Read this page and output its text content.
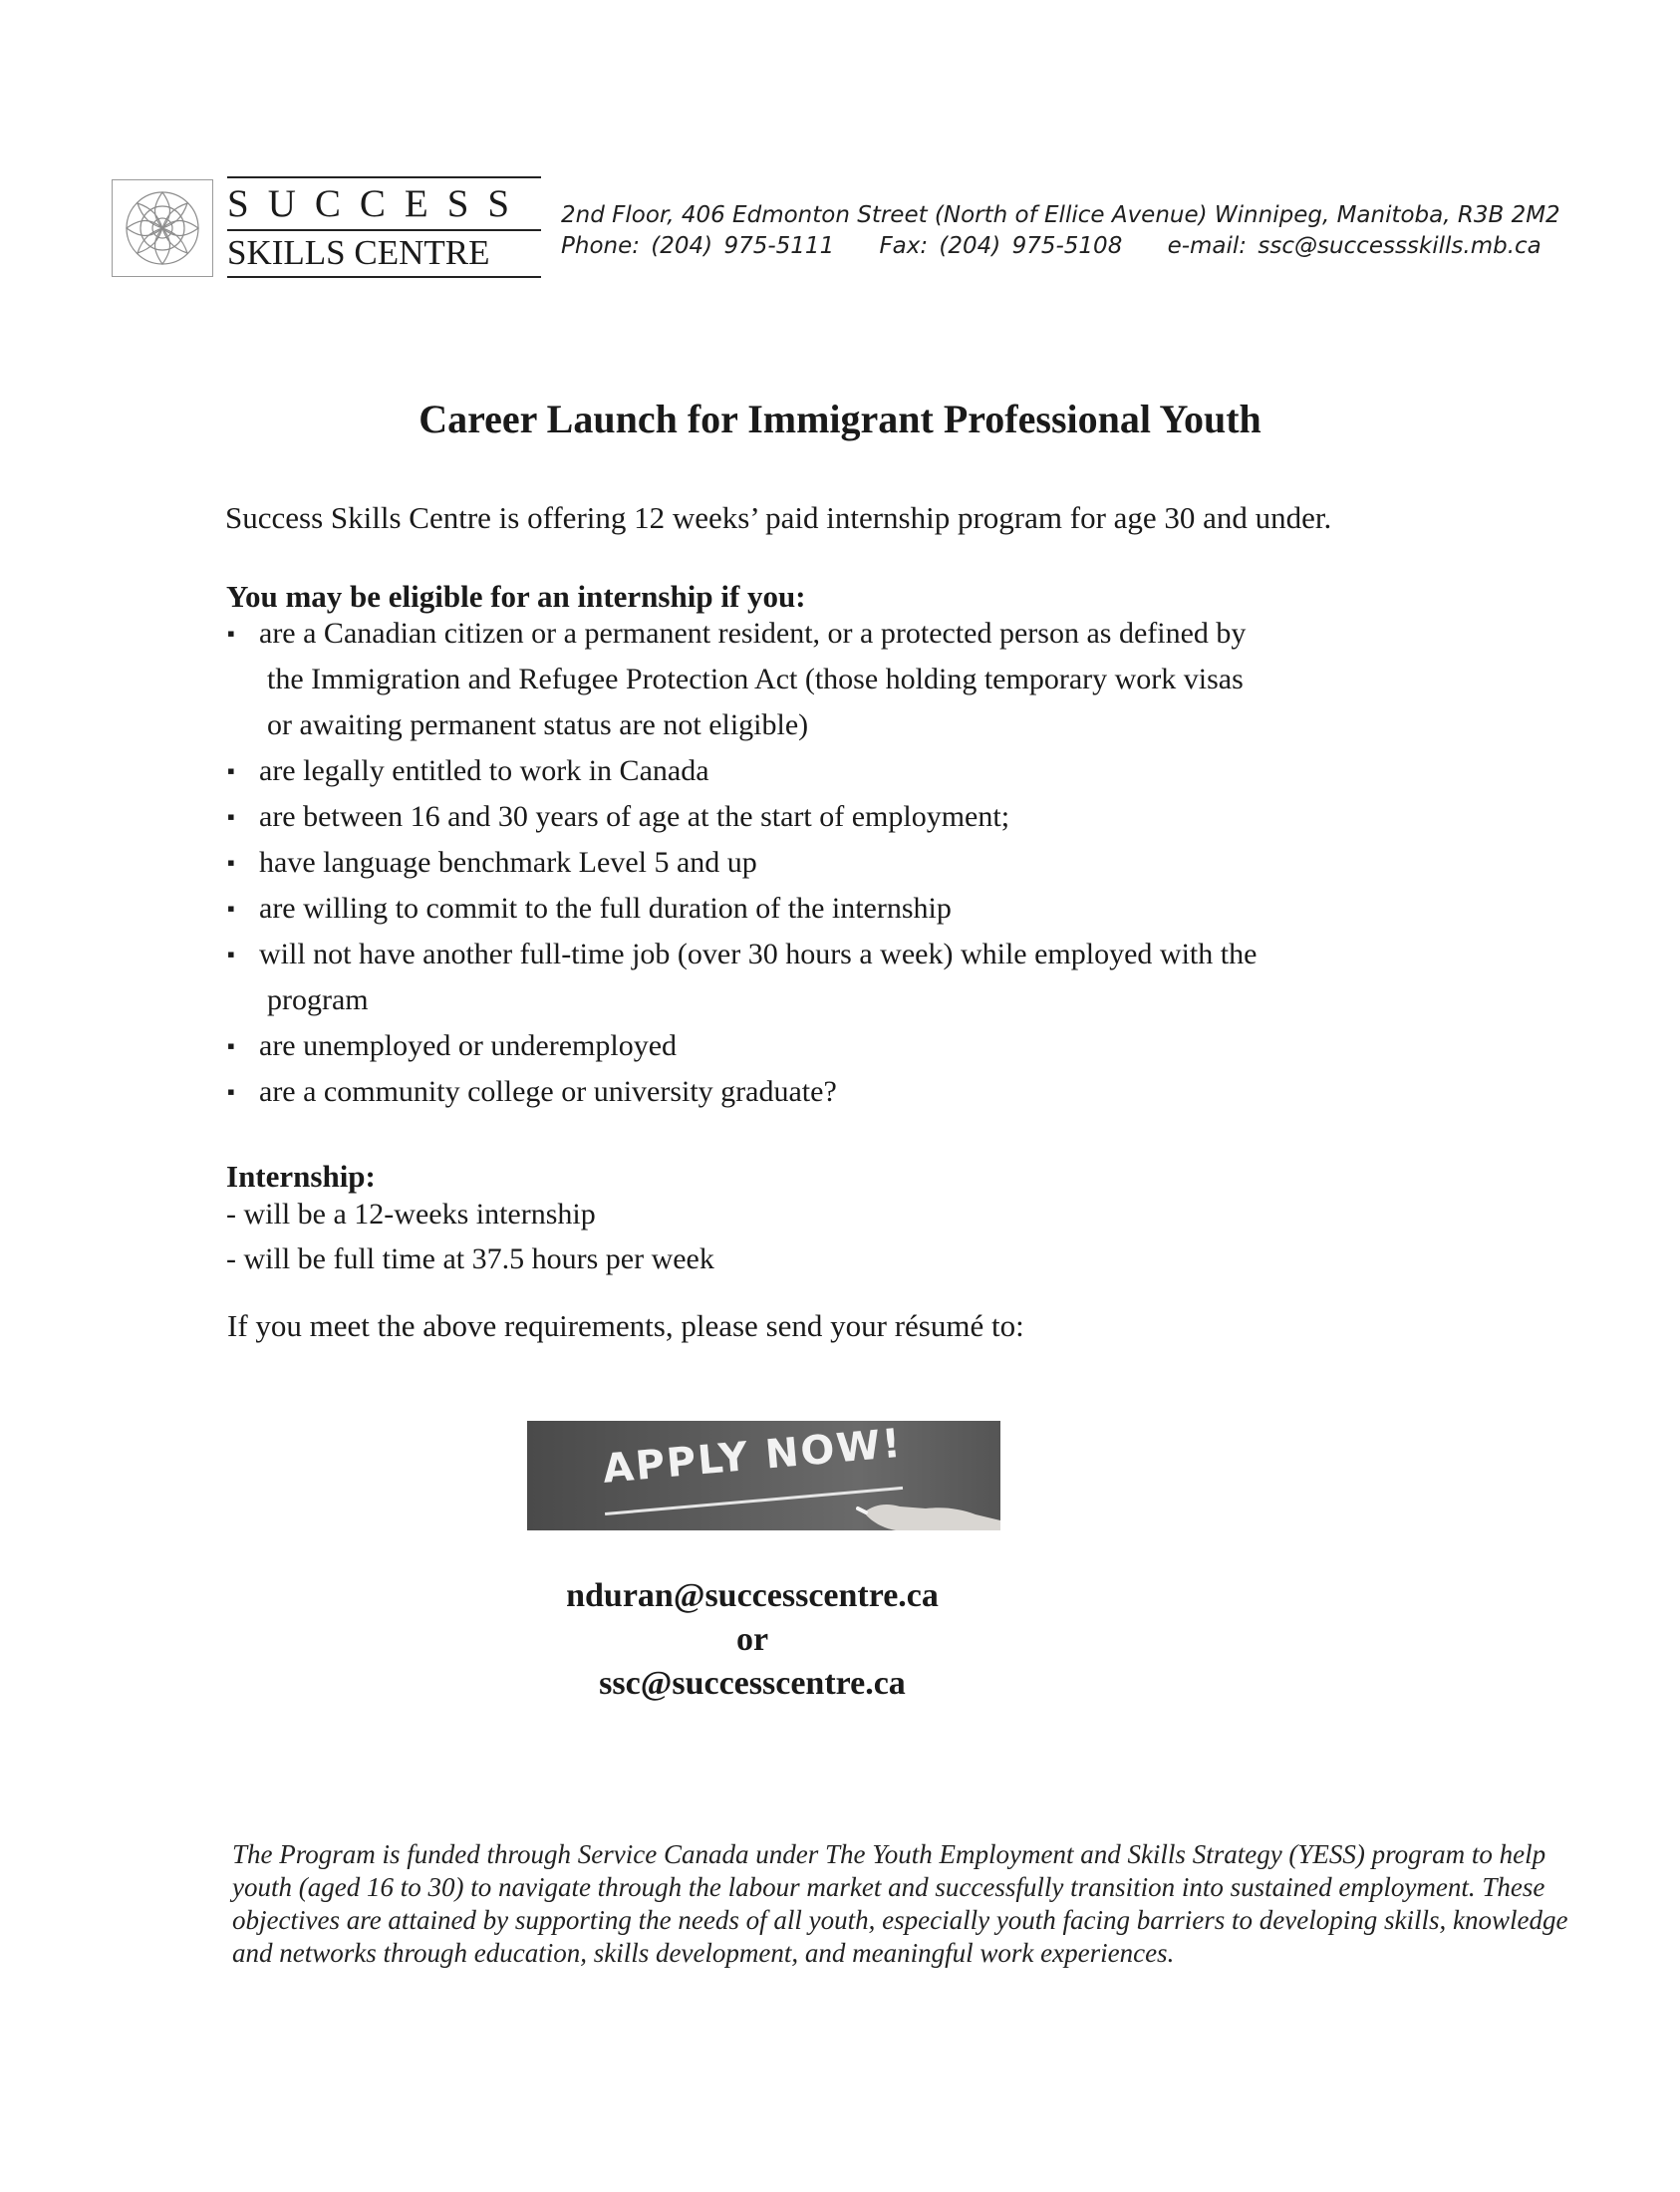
SUCCESS
SKILLS CENTRE
2nd Floor, 406 Edmonton Street (North of Ellice Avenue) Winnipeg, Manitoba, R3B 2M2
Phone: (204) 975-5111    Fax: (204) 975-5108    e-mail: ssc@successskills.mb.ca
Career Launch for Immigrant Professional Youth
Success Skills Centre is offering 12 weeks’ paid internship program for age 30 and under.
You may be eligible for an internship if you:
▪ are a Canadian citizen or a permanent resident, or a protected person as defined by
the Immigration and Refugee Protection Act (those holding temporary work visas
or awaiting permanent status are not eligible)
▪ are legally entitled to work in Canada
▪ are between 16 and 30 years of age at the start of employment;
▪ have language benchmark Level 5 and up
▪ are willing to commit to the full duration of the internship
▪ will not have another full-time job (over 30 hours a week) while employed with the
program
▪ are unemployed or underemployed
▪ are a community college or university graduate?
Internship:
- will be a 12-weeks internship
- will be full time at 37.5 hours per week
If you meet the above requirements, please send your résumé to:
APPLY NOW!
nduran@successcentre.ca
or
ssc@successcentre.ca
The Program is funded through Service Canada under The Youth Employment and Skills Strategy (YESS) program to help youth (aged 16 to 30) to navigate through the labour market and successfully transition into sustained employment. These objectives are attained by supporting the needs of all youth, especially youth facing barriers to developing skills, knowledge and networks through education, skills development, and meaningful work experiences.
